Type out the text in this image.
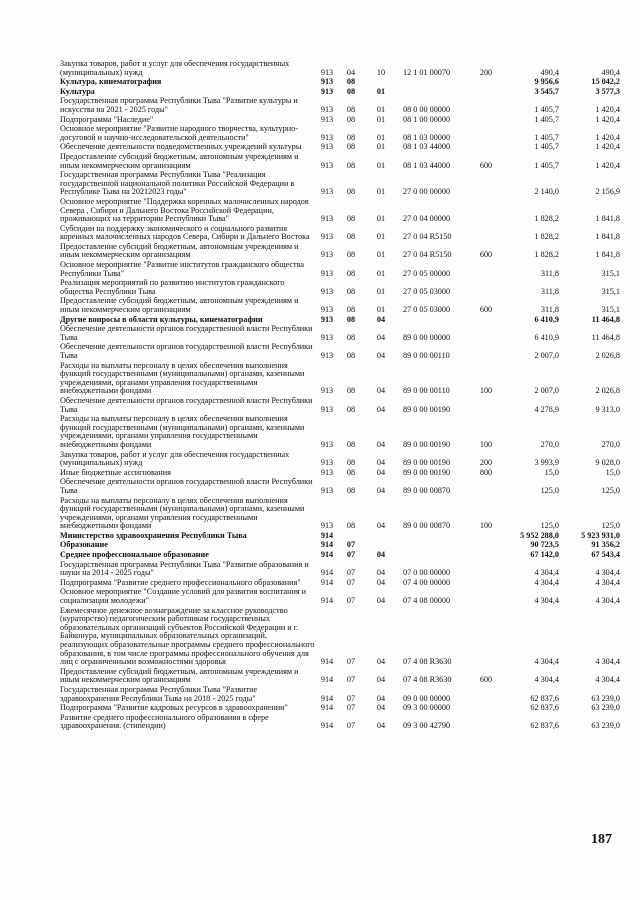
Закупка товаров, работ и услуг для обеспечения государственных (муниципальных) нужд	913	04	10	12 1 01 00070	200	490,4	490,4
Культура, кинематография	913	08				9 956,6	15 042,2
Культура	913	08	01			3 545,7	3 577,3
Государственная программа Республики Тыва "Развитие культуры и искусства на 2021 - 2025 годы"	913	08	01	08 0 00 00000		1 405,7	1 420,4
Подпрограмма "Наследие"	913	08	01	08 1 00 00000		1 405,7	1 420,4
Основное мероприятие "Развитие народного творчества, культурно-досуговой и научно-исследовательской деятельности"	913	08	01	08 1 03 00000		1 405,7	1 420,4
Обеспечение деятельности подведомственных учреждений культуры	913	08	01	08 1 03 44000		1 405,7	1 420,4
Предоставление субсидий бюджетным, автономным учреждениям и иным некоммерческим организациям	913	08	01	08 1 03 44000	600	1 405,7	1 420,4
Государственная программа Республики Тыва "Реализация государственной национальной политики Российской Федерации в Республике Тыва на 20212023 годы"	913	08	01	27 0 00 00000		2 140,0	2 156,9
Основное мероприятие "Поддержка коренных малочисленных народов Севера , Сибири и Дальнего Востока Российской Федерации, проживающих на территории Республики Тыва"	913	08	01	27 0 04 00000		1 828,2	1 841,8
Субсидии на поддержку экономического и социального развития коренных малочисленных народов Севера, Сибири и Дальнего Востока	913	08	01	27 0 04 R5150		1 828,2	1 841,8
Предоставление субсидий бюджетным, автономным учреждениям и иным некоммерческим организациям	913	08	01	27 0 04 R5150	600	1 828,2	1 841,8
Основное мероприятие "Развитие институтов гражданского общества Республики Тыва"	913	08	01	27 0 05 00000		311,8	315,1
Реализация мероприятий по развитию институтов гражданского общества Республики Тыва	913	08	01	27 0 05 03000		311,8	315,1
Предоставление субсидий бюджетным, автономным учреждениям и иным некоммерческим организациям	913	08	01	27 0 05 03000	600	311,8	315,1
Другие вопросы в области культуры, кинематографии	913	08	04			6 410,9	11 464,8
Обеспечение деятельности органов государственной власти Республики Тыва	913	08	04	89 0 00 00000		6 410,9	11 464,8
Обеспечение деятельности органов государственной власти Республики Тыва	913	08	04	89 0 00 00110		2 007,0	2 026,8
Расходы на выплаты персоналу в целях обеспечения выполнения функций государственными (муниципальными) органами, казенными учреждениями, органами управления государственными внебюджетными фондами	913	08	04	89 0 00 00110	100	2 007,0	2 026,8
Обеспечение деятельности органов государственной власти Республики Тыва	913	08	04	89 0 00 00190		4 278,9	9 313,0
Расходы на выплаты персоналу в целях обеспечения выполнения функций государственными (муниципальными) органами, казенными учреждениями, органами управления государственными внебюджетными фондами	913	08	04	89 0 00 00190	100	270,0	270,0
Закупка товаров, работ и услуг для обеспечения государственных (муниципальных) нужд	913	08	04	89 0 00 00190	200	3 993,9	9 028,0
Иные бюджетные ассигнования	913	08	04	89 0 00 00190	800	15,0	15,0
Обеспечение деятельности органов государственной власти Республики Тыва	913	08	04	89 0 00 00870		125,0	125,0
Расходы на выплаты персоналу в целях обеспечения выполнения функций государственными (муниципальными) органами, казенными учреждениями, органами управления государственными внебюджетными фондами	913	08	04	89 0 00 00870	100	125,0	125,0
Министерство здравоохранения Республики Тыва	914					5 952 288,0	5 923 931,0
Образование	914	07				90 723,5	91 356,2
Среднее профессиональное образование	914	07	04			67 142,0	67 543,4
Государственная программа Республики Тыва "Развитие образования и науки на 2014 - 2025 годы"	914	07	04	07 0 00 00000		4 304,4	4 304,4
Подпрограмма "Развитие среднего профессионального образования"	914	07	04	07 4 00 00000		4 304,4	4 304,4
Основное мероприятие "Создание условий для развития воспитания и социализации молодежи"	914	07	04	07 4 08 00000		4 304,4	4 304,4
Ежемесячное денежное вознаграждение за классное руководство (кураторство) педагогическим работникам государственных образовательных организаций субъектов Российской Федерации и г. Байконура, муниципальных образовательных организаций, реализующих образовательные программы среднего профессионального образования, в том числе программы профессионального обучения для лиц с ограниченными возможностями здоровья	914	07	04	07 4 08 R3630		4 304,4	4 304,4
Предоставление субсидий бюджетным, автономным учреждениям и иным некоммерческим организациям	914	07	04	07 4 08 R3630	600	4 304,4	4 304,4
Государственная программа Республики Тыва "Развитие здравоохранения Республики Тыва на 2018 - 2025 годы"	914	07	04	09 0 00 00000		62 837,6	63 239,0
Подпрограмма "Развитие кадровых ресурсов в здравоохранении"	914	07	04	09 3 00 00000		62 837,6	63 239,0
Развитие среднего профессионального образования в сфере здравоохранения. (стипендии)	914	07	04	09 3 00 42790		62 837,6	63 239,0
187
